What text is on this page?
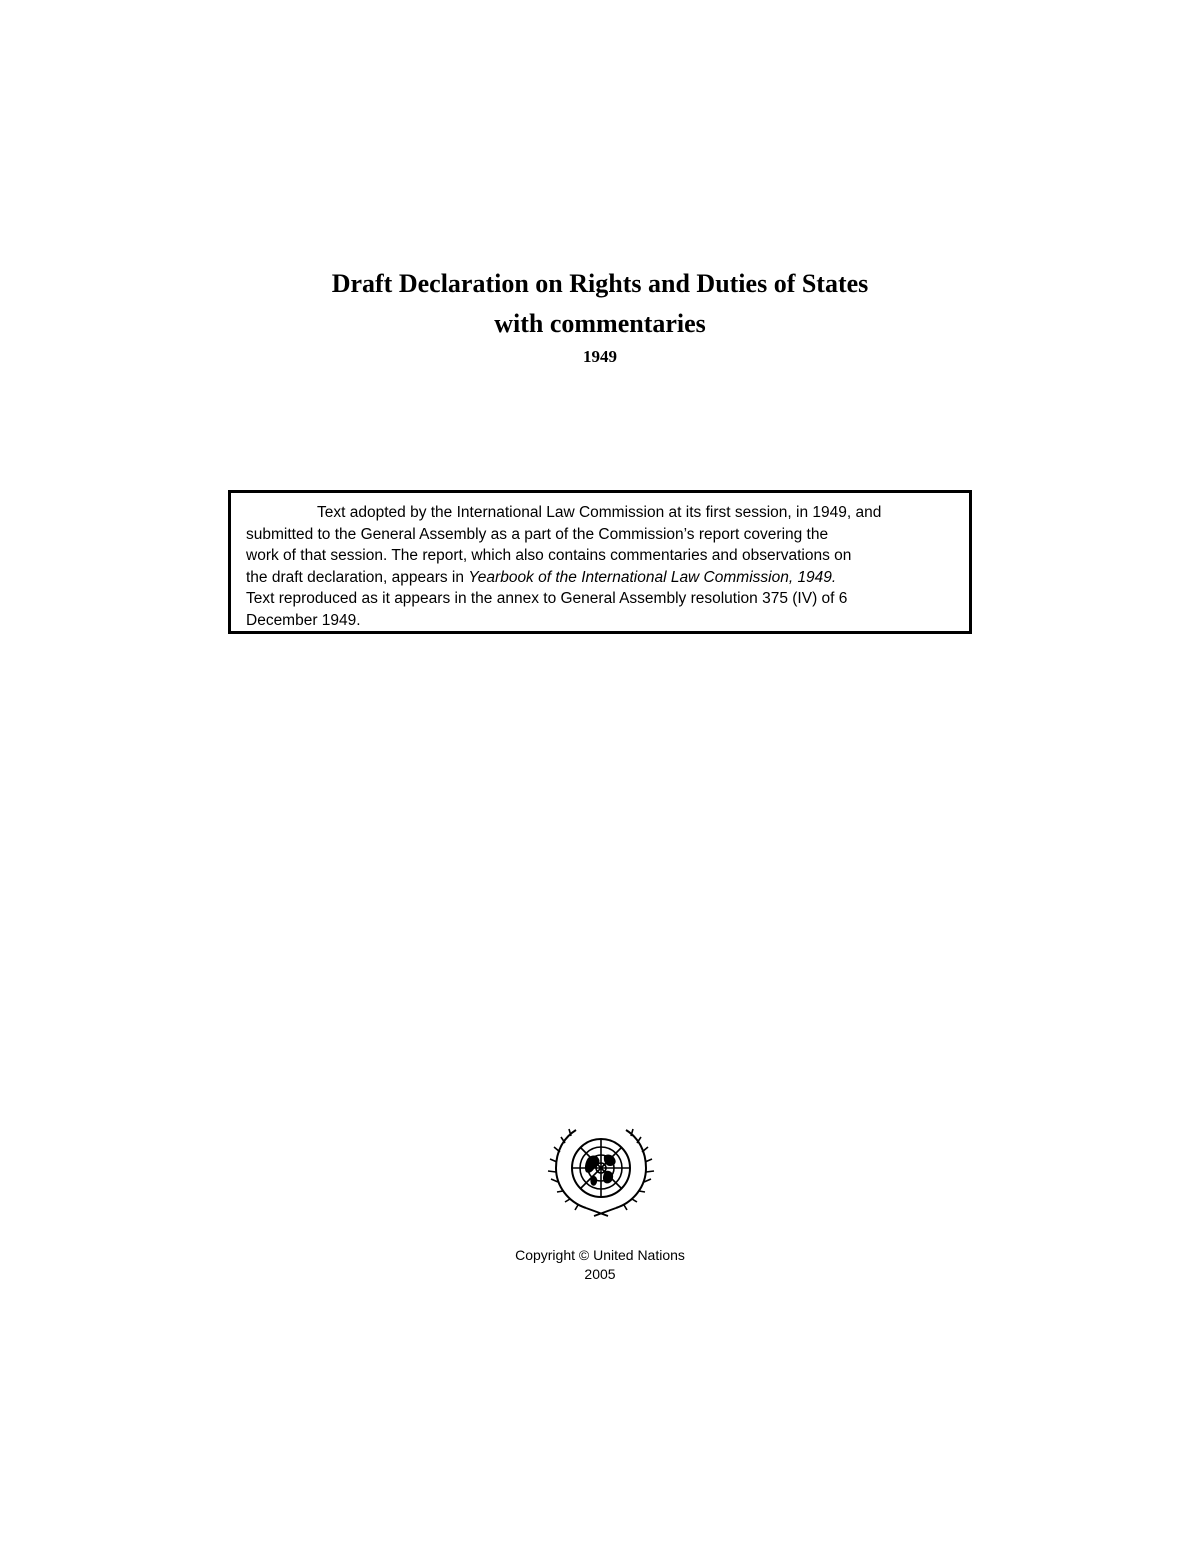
Draft Declaration on Rights and Duties of States
with commentaries
1949

Text adopted by the International Law Commission at its first session, in 1949, and
submitted to the General Assembly as a part of the Commission’s report covering the
work of that session. The report, which also contains commentaries and observations on
the draft declaration, appears in Yearbook of the International Law Commission, 1949.
Text reproduced as it appears in the annex to General Assembly resolution 375 (IV) of 6
December 1949.

Copyright © United Nations
2005
